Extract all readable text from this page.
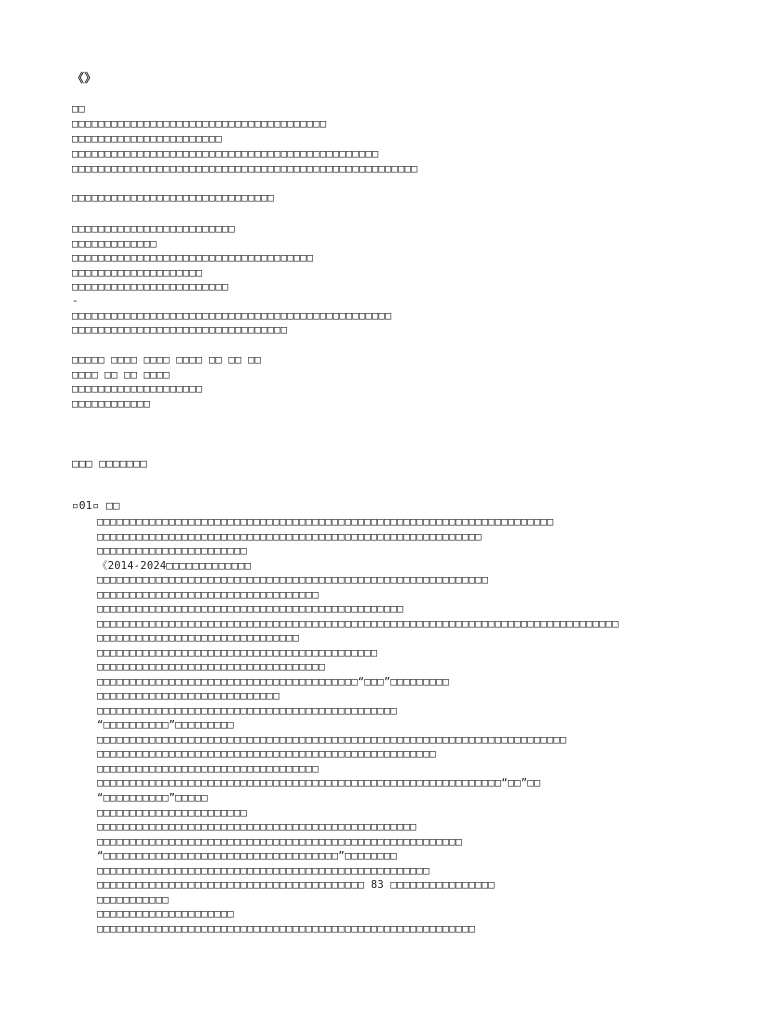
《》
□□
□□□□□□□□□□□□□□□□□□□□□□□□□□□□□□□□□□□□□□□
□□□□□□□□□□□□□□□□□□□□□□□
□□□□□□□□□□□□□□□□□□□□□□□□□□□□□□□□□□□□□□□□□□□□□□□
□□□□□□□□□□□□□□□□□□□□□□□□□□□□□□□□□□□□□□□□□□□□□□□□□□□□□
□□□□□□□□□□□□□□□□□□□□□□□□□□□□□□□
□□□□□□□□□□□□□□□□□□□□□□□□□
□□□□□□□□□□□□□
□□□□□□□□□□□□□□□□□□□□□□□□□□□□□□□□□□□□□
□□□□□□□□□□□□□□□□□□□□
□□□□□□□□□□□□□□□□□□□□□□□□
-
□□□□□□□□□□□□□□□□□□□□□□□□□□□□□□□□□□□□□□□□□□□□□□□□□
□□□□□□□□□□□□□□□□□□□□□□□□□□□□□□□□□
□□□□□ □□□□ □□□□ □□□□ □□ □□ □□
□□□□ □□ □□ □□□□
□□□□□□□□□□□□□□□□□□□□
□□□□□□□□□□□□
□□□ □□□□□□□
▫01▫ □□
□□□□□□□□□□□□□□□□□□□□□□□□□□□□□□□□□□□□□□□□□□□□□□□□□□□□□□□□□□□□□□□□□□□□□□
□□□□□□□□□□□□□□□□□□□□□□□□□□□□□□□□□□□□□□□□□□□□□□□□□□□□□□□□□□□
□□□□□□□□□□□□□□□□□□□□□□□
《2014-2024□□□□□□□□□□□□□
□□□□□□□□□□□□□□□□□□□□□□□□□□□□□□□□□□□□□□□□□□□□□□□□□□□□□□□□□□□□
□□□□□□□□□□□□□□□□□□□□□□□□□□□□□□□□□□
□□□□□□□□□□□□□□□□□□□□□□□□□□□□□□□□□□□□□□□□□□□□□□□
□□□□□□□□□□□□□□□□□□□□□□□□□□□□□□□□□□□□□□□□□□□□□□□□□□□□□□□□□□□□□□□□□□□□□□□□□□□□□□□□
□□□□□□□□□□□□□□□□□□□□□□□□□□□□□□□
□□□□□□□□□□□□□□□□□□□□□□□□□□□□□□□□□□□□□□□□□□□
□□□□□□□□□□□□□□□□□□□□□□□□□□□□□□□□□□□
□□□□□□□□□□□□□□□□□□□□□□□□□□□□□□□□□□□□□□□□“□□□”□□□□□□□□□
□□□□□□□□□□□□□□□□□□□□□□□□□□□□
□□□□□□□□□□□□□□□□□□□□□□□□□□□□□□□□□□□□□□□□□□□□□□
“□□□□□□□□□□”□□□□□□□□□
□□□□□□□□□□□□□□□□□□□□□□□□□□□□□□□□□□□□□□□□□□□□□□□□□□□□□□□□□□□□□□□□□□□□□□□□
□□□□□□□□□□□□□□□□□□□□□□□□□□□□□□□□□□□□□□□□□□□□□□□□□□□□
□□□□□□□□□□□□□□□□□□□□□□□□□□□□□□□□□□
□□□□□□□□□□□□□□□□□□□□□□□□□□□□□□□□□□□□□□□□□□□□□□□□□□□□□□□□□□□□□□“□□”□□
“□□□□□□□□□□”□□□□□
□□□□□□□□□□□□□□□□□□□□□□□
□□□□□□□□□□□□□□□□□□□□□□□□□□□□□□□□□□□□□□□□□□□□□□□□□
□□□□□□□□□□□□□□□□□□□□□□□□□□□□□□□□□□□□□□□□□□□□□□□□□□□□□□□□
“□□□□□□□□□□□□□□□□□□□□□□□□□□□□□□□□□□□□”□□□□□□□□
□□□□□□□□□□□□□□□□□□□□□□□□□□□□□□□□□□□□□□□□□□□□□□□□□□□
□□□□□□□□□□□□□□□□□□□□□□□□□□□□□□□□□□□□□□□□□ 83 □□□□□□□□□□□□□□□□
□□□□□□□□□□□
□□□□□□□□□□□□□□□□□□□□□
□□□□□□□□□□□□□□□□□□□□□□□□□□□□□□□□□□□□□□□□□□□□□□□□□□□□□□□□□□
